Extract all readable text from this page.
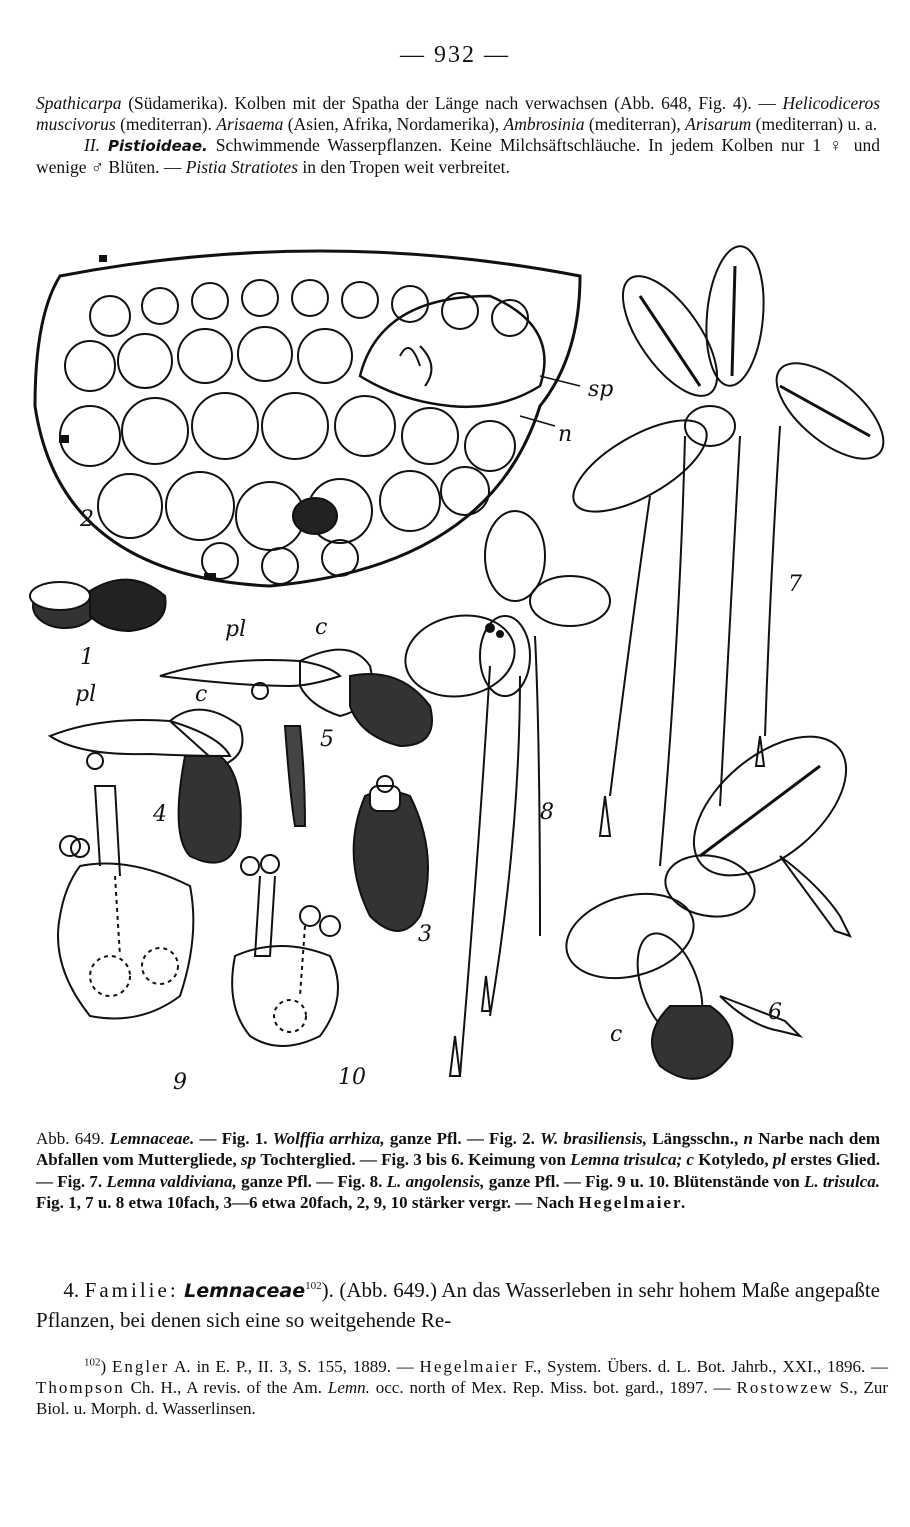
— 932 —

Spathicarpa (Südamerika). Kolben mit der Spatha der Länge nach verwachsen (Abb. 648, Fig. 4). — Helicodiceros muscivorus (mediterran). Arisaema (Asien, Afrika, Nordamerika), Ambrosinia (mediterran), Arisarum (mediterran) u. a.

II. Pistioideae. Schwimmende Wasserpflanzen. Keine Milchsäftschläuche. In jedem Kolben nur 1 ♀ und wenige ♂ Blüten. — Pistia Stratiotes in den Tropen weit verbreitet.

2
1
3
4
5
6
7
8
9	10
sp
n
pl	c
pl	c
c
Abb. 649. Lemnaceae. — Fig. 1. Wolffia arrhiza, ganze Pfl. — Fig. 2. W. brasiliensis, Längsschn., n Narbe nach dem Abfallen vom Muttergliede, sp Tochterglied. — Fig. 3 bis 6. Keimung von Lemna trisulca; c Kotyledo, pl erstes Glied. — Fig. 7. Lemna valdiviana, ganze Pfl. — Fig. 8. L. angolensis, ganze Pfl. — Fig. 9 u. 10. Blütenstände von L. trisulca. Fig. 1, 7 u. 8 etwa 10fach, 3—6 etwa 20fach, 2, 9, 10 stärker vergr. — Nach Hegelmaier.
4. Familie: Lemnaceae$^{102}$). (Abb. 649.) An das Wasserleben in sehr hohem Maße angepaßte Pflanzen, bei denen sich eine so weitgehende Re-

$^{102}$) Engler A. in E. P., II. 3, S. 155, 1889. — Hegelmaier F., System. Übers. d. L. Bot. Jahrb., XXI., 1896. — Thompson Ch. H., A revis. of the Am. Lemn. occ. north of Mex. Rep. Miss. bot. gard., 1897. — Rostowzew S., Zur Biol. u. Morph. d. Wasserlinsen.
